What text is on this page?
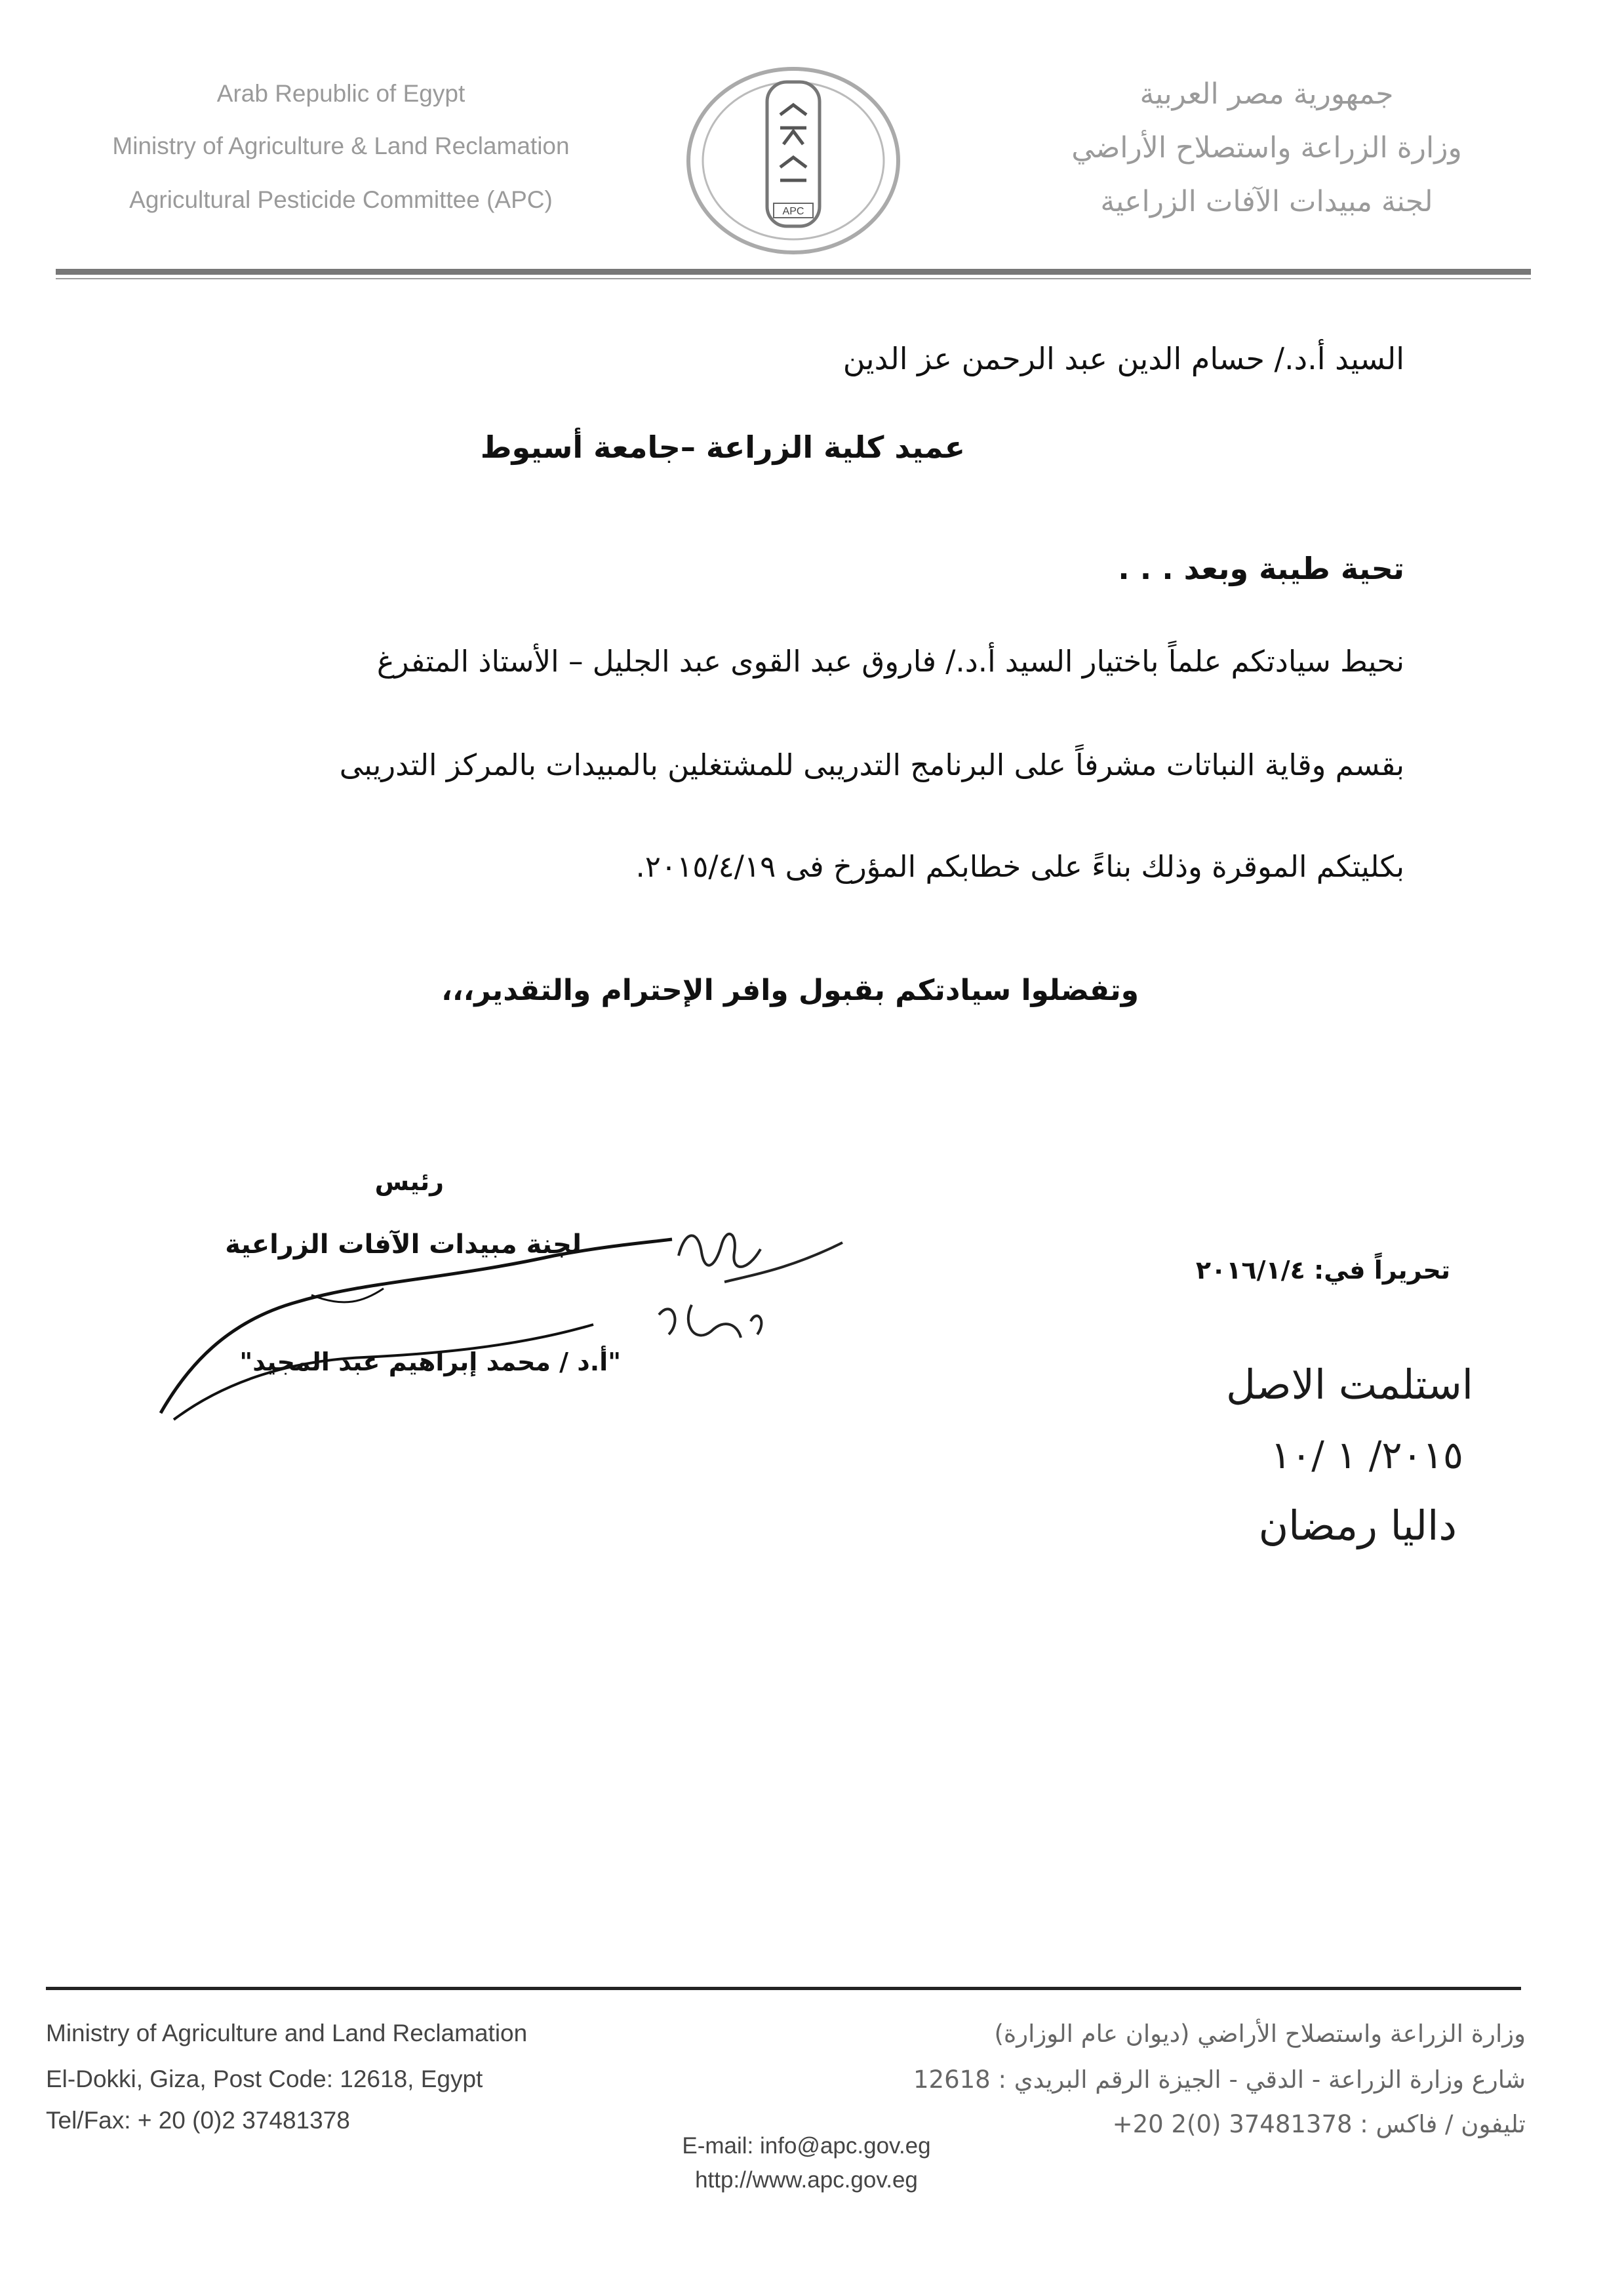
Arab Republic of Egypt
Ministry of Agriculture & Land Reclamation
Agricultural Pesticide Committee (APC)
جمهورية مصر العربية
وزارة الزراعة واستصلاح الأراضي
لجنة مبيدات الآفات الزراعية
APC
السيد أ.د./ حسام الدين عبد الرحمن عز الدين
عميد كلية الزراعة –جامعة أسيوط
تحية طيبة وبعد . . .
نحيط سيادتكم علماً باختيار السيد أ.د./ فاروق عبد القوى عبد الجليل – الأستاذ المتفرغ
بقسم وقاية النباتات مشرفاً على البرنامج التدريبى للمشتغلين بالمبيدات بالمركز التدريبى
بكليتكم الموقرة وذلك بناءً على خطابكم المؤرخ فى ٢٠١٥/٤/١٩.
وتفضلوا سيادتكم بقبول وافر الإحترام والتقدير،،،
رئيس
لجنة مبيدات الآفات الزراعية
"أ.د / محمد إبراهيم عبد المجيد"
تحريراً في: ٢٠١٦/١/٤
استلمت الاصل
٢٠١٥/ ١ /١٠
داليا رمضان
Ministry of Agriculture and Land Reclamation
El-Dokki, Giza, Post Code: 12618, Egypt
Tel/Fax: + 20 (0)2 37481378
E-mail: info@apc.gov.eg
http://www.apc.gov.eg
وزارة الزراعة واستصلاح الأراضي (ديوان عام الوزارة)
شارع وزارة الزراعة - الدقي - الجيزة الرقم البريدي : 12618
تليفون / فاكس : 37481378 (0)2 20+
